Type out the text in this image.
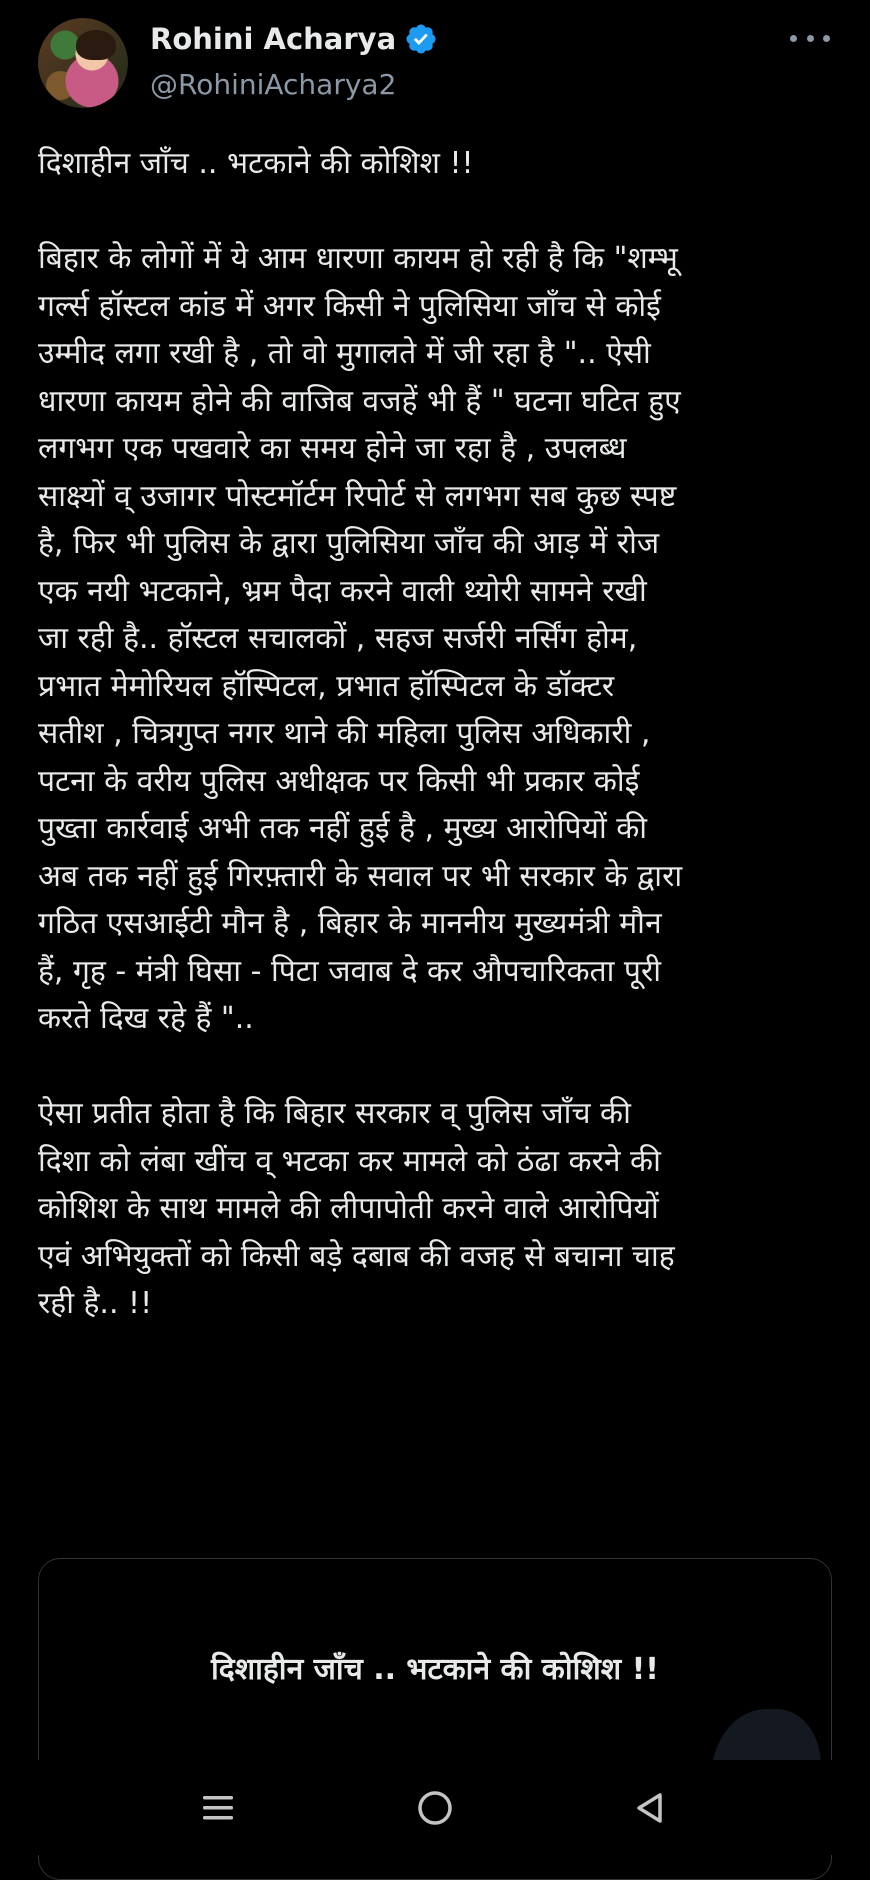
Rohini Acharya
@RohiniAcharya2

दिशाहीन जाँच .. भटकाने की कोशिश !!

बिहार के लोगों में ये आम धारणा कायम हो रही है कि "शम्भू

गर्ल्स हॉस्टल कांड में अगर किसी ने पुलिसिया जाँच से कोई

उम्मीद लगा रखी है , तो वो मुगालते में जी रहा है ".. ऐसी

धारणा कायम होने की वाजिब वजहें भी हैं " घटना घटित हुए

लगभग एक पखवारे का समय होने जा रहा है , उपलब्ध

साक्ष्यों व् उजागर पोस्टमॉर्टम रिपोर्ट से लगभग सब कुछ स्पष्ट

है, फिर भी पुलिस के द्वारा पुलिसिया जाँच की आड़ में रोज

एक नयी भटकाने, भ्रम पैदा करने वाली थ्योरी सामने रखी

जा रही है.. हॉस्टल सचालकों , सहज सर्जरी नर्सिंग होम,

प्रभात मेमोरियल हॉस्पिटल, प्रभात हॉस्पिटल के डॉक्टर

सतीश , चित्रगुप्त नगर थाने की महिला पुलिस अधिकारी ,

पटना के वरीय पुलिस अधीक्षक पर किसी भी प्रकार कोई

पुख्ता कार्रवाई अभी तक नहीं हुई है , मुख्य आरोपियों की

अब तक नहीं हुई गिरफ़्तारी के सवाल पर भी सरकार के द्वारा

गठित एसआईटी मौन है , बिहार के माननीय मुख्यमंत्री मौन

हैं, गृह - मंत्री घिसा - पिटा जवाब दे कर औपचारिकता पूरी

करते दिख रहे हैं "..

ऐसा प्रतीत होता है कि बिहार सरकार व् पुलिस जाँच की

दिशा को लंबा खींच व् भटका कर मामले को ठंढा करने की

कोशिश के साथ मामले की लीपापोती करने वाले आरोपियों

एवं अभियुक्तों को किसी बड़े दबाब की वजह से बचाना चाह

रही है.. !!

दिशाहीन जाँच .. भटकाने की कोशिश !!
